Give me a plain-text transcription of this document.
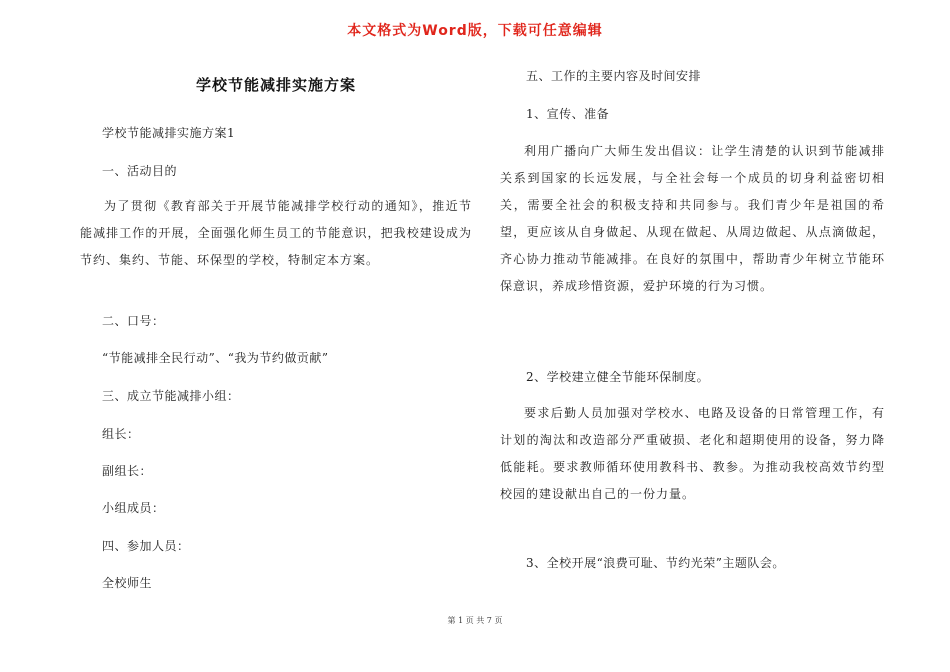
本文格式为Word版，下载可任意编辑
学校节能减排实施方案
学校节能减排实施方案1
一、活动目的
为了贯彻《教育部关于开展节能减排学校行动的通知》，推近节能减排工作的开展，全面强化师生员工的节能意识，把我校建设成为节约、集约、节能、环保型的学校，特制定本方案。
二、口号：
“节能减排全民行动”、“我为节约做贡献”
三、成立节能减排小组：
组长：
副组长：
小组成员：
四、参加人员：
全校师生
五、工作的主要内容及时间安排
1、宣传、准备
利用广播向广大师生发出倡议：让学生清楚的认识到节能减排关系到国家的长远发展，与全社会每一个成员的切身利益密切相关，需要全社会的积极支持和共同参与。我们青少年是祖国的希望，更应该从自身做起、从现在做起、从周边做起、从点滴做起，齐心协力推动节能减排。在良好的氛围中，帮助青少年树立节能环保意识，养成珍惜资源，爱护环境的行为习惯。
2、学校建立健全节能环保制度。
要求后勤人员加强对学校水、电路及设备的日常管理工作，有计划的淘汰和改造部分严重破损、老化和超期使用的设备，努力降低能耗。要求教师循环使用教科书、教参。为推动我校高效节约型校园的建设献出自己的一份力量。
3、全校开展“浪费可耻、节约光荣”主题队会。
第 1 页 共 7 页
